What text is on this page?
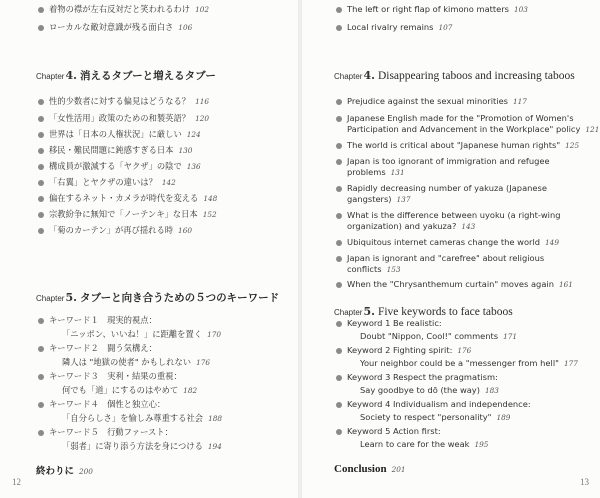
着物の襟が左右反対だと笑われるわけ 102
ローカルな敵対意識が残る面白さ 106
Chapter4. 消えるタブーと増えるタブー
性的少数者に対する偏見はどうなる？ 116
「女性活用」政策のための和製英語？ 120
世界は「日本の人権状況」に厳しい 124
移民・難民問題に鈍感すぎる日本 130
構成員が激減する「ヤクザ」の陰で 136
「右翼」とヤクザの違いは？ 142
偏在するネット・カメラが時代を変える 148
宗教紛争に無知で「ノーテンキ」な日本 152
「菊のカーテン」が再び揺れる時 160
Chapter5. タブーと向き合うための５つのキーワード
キーワード１　現実的視点：
「ニッポン、いいね！」に距離を置く 170
キーワード２　闘う気構え：
隣人は "地獄の使者" かもしれない 176
キーワード３　実利・結果の重視：
何でも「道」にするのはやめて 182
キーワード４　個性と独立心：
「自分らしさ」を愉しみ尊重する社会 188
キーワード５　行動ファースト：
「弱者」に寄り添う方法を身につける 194
終わりに 200
12
The left or right flap of kimono matters 103
Local rivalry remains 107
Chapter4. Disappearing taboos and increasing taboos
Prejudice against the sexual minorities 117
Japanese English made for the "Promotion of Women's
Participation and Advancement in the Workplace" policy 121
The world is critical about "Japanese human rights" 125
Japan is too ignorant of immigration and refugee
problems 131
Rapidly decreasing number of yakuza (Japanese
gangsters) 137
What is the difference between uyoku (a right-wing
organization) and yakuza? 143
Ubiquitous internet cameras change the world 149
Japan is ignorant and "carefree" about religious
conflicts 153
When the "Chrysanthemum curtain" moves again 161
Chapter5. Five keywords to face taboos
Keyword 1 Be realistic:
Doubt "Nippon, Cool!" comments 171
Keyword 2 Fighting spirit: 176
Your neighbor could be a "messenger from hell" 177
Keyword 3 Respect the pragmatism:
Say goodbye to dō (the way) 183
Keyword 4 Individualism and independence:
Society to respect "personality" 189
Keyword 5 Action first:
Learn to care for the weak 195
Conclusion 201
13
